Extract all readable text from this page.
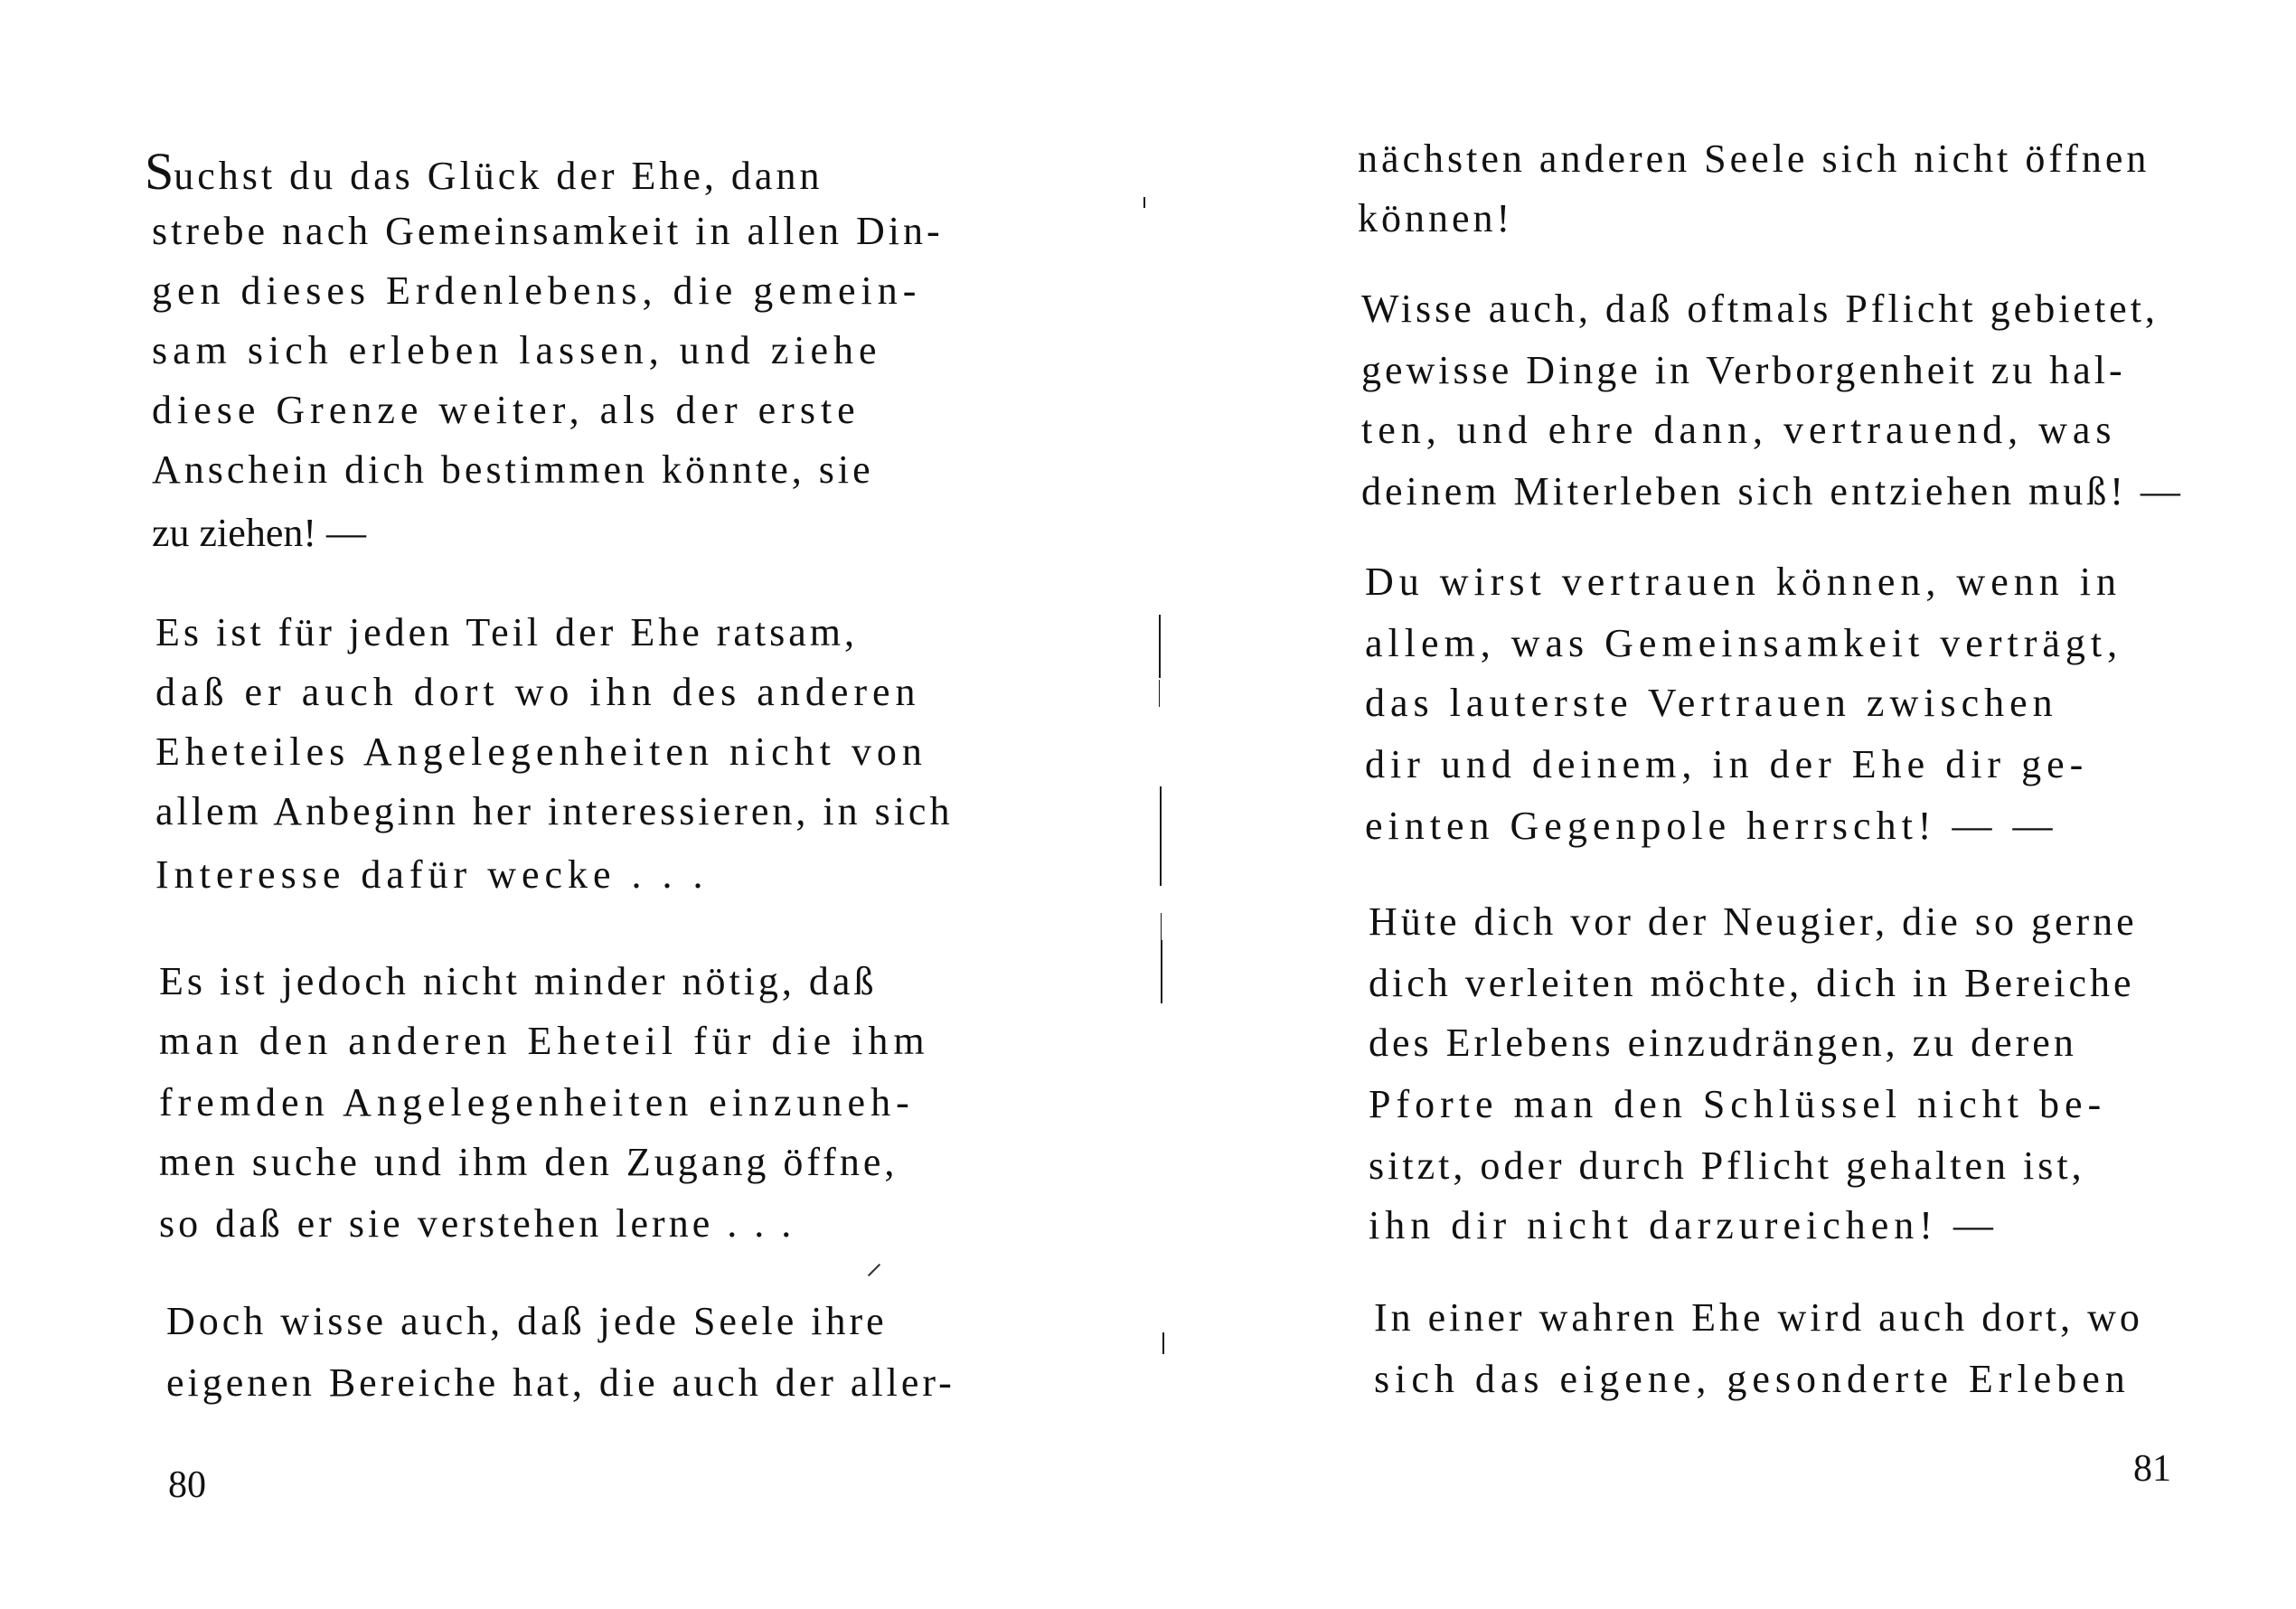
Suchst du das Glück der Ehe, dann

strebe nach Gemeinsamkeit in allen Din-

gen dieses Erdenlebens, die gemein-

sam sich erleben lassen, und ziehe

diese Grenze weiter, als der erste

Anschein dich bestimmen könnte, sie

zu ziehen! —

Es ist für jeden Teil der Ehe ratsam,

daß er auch dort wo ihn des anderen

Eheteiles Angelegenheiten nicht von

allem Anbeginn her interessieren, in sich

Interesse dafür wecke . . .

Es ist jedoch nicht minder nötig, daß

man den anderen Eheteil für die ihm

fremden Angelegenheiten einzuneh-

men suche und ihm den Zugang öffne,

so daß er sie verstehen lerne . . .

Doch wisse auch, daß jede Seele ihre

eigenen Bereiche hat, die auch der aller-

80

nächsten anderen Seele sich nicht öffnen

können!

Wisse auch, daß oftmals Pflicht gebietet,

gewisse Dinge in Verborgenheit zu hal-

ten, und ehre dann, vertrauend, was

deinem Miterleben sich entziehen muß! —

Du wirst vertrauen können, wenn in

allem, was Gemeinsamkeit verträgt,

das lauterste Vertrauen zwischen

dir und deinem, in der Ehe dir ge-

einten Gegenpole herrscht! — —

Hüte dich vor der Neugier, die so gerne

dich verleiten möchte, dich in Bereiche

des Erlebens einzudrängen, zu deren

Pforte man den Schlüssel nicht be-

sitzt, oder durch Pflicht gehalten ist,

ihn dir nicht darzureichen! —

In einer wahren Ehe wird auch dort, wo

sich das eigene, gesonderte Erleben

81
